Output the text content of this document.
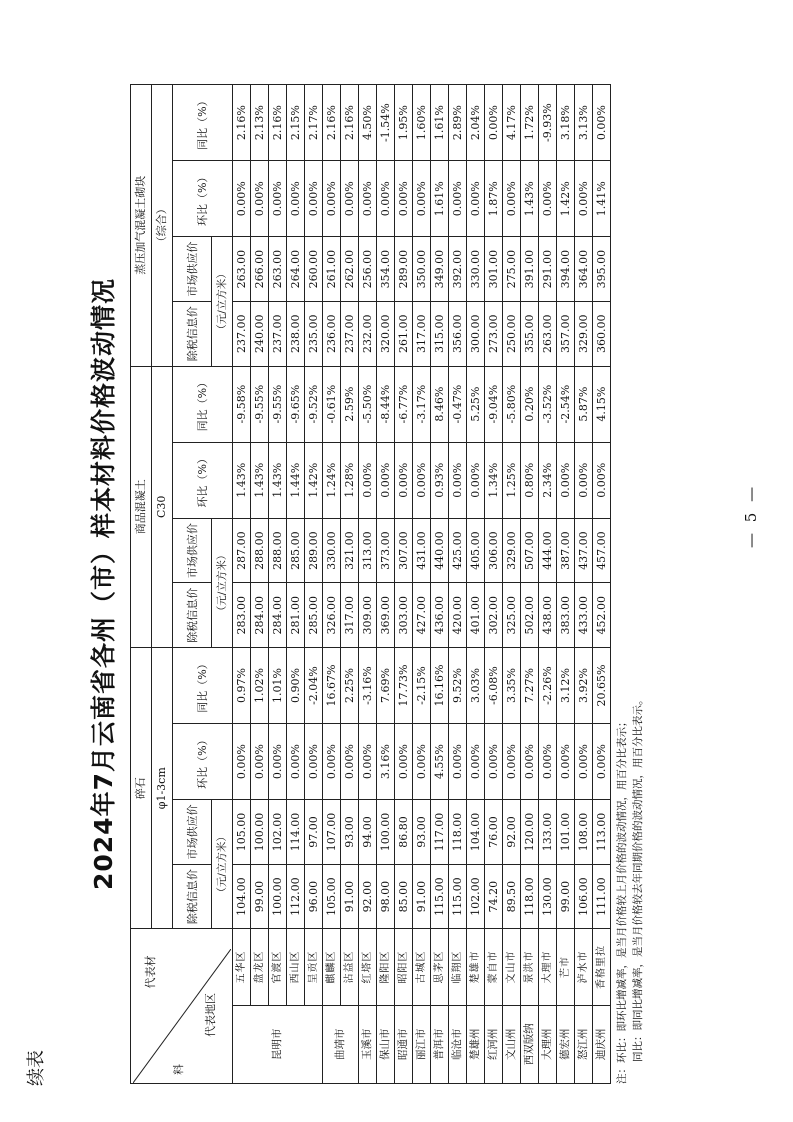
续表
— 5 —
2024年7月云南省各州（市）样本材料价格波动情况
代表材
料
代表地区		碎石				商品混凝土				蒸压加气混凝土砌块			
		φ1-3cm				C30				（综合）			
		除税信息价	市场供应价	环比（%）	同比（%）	除税信息价	市场供应价	环比（%）	同比（%）	除税信息价	市场供应价	环比（%）	同比（%）
		（元/立方米）				（元/立方米）				（元/立方米）			
昆明市	五华区	104.00	105.00	0.00%	0.97%	283.00	287.00	1.43%	-9.58%	237.00	263.00	0.00%	2.16%
	盘龙区	99.00	100.00	0.00%	1.02%	284.00	288.00	1.43%	-9.55%	240.00	266.00	0.00%	2.13%
	官渡区	100.00	102.00	0.00%	1.01%	284.00	288.00	1.43%	-9.55%	237.00	263.00	0.00%	2.16%
	西山区	112.00	114.00	0.00%	0.90%	281.00	285.00	1.44%	-9.65%	238.00	264.00	0.00%	2.15%
	呈贡区	96.00	97.00	0.00%	-2.04%	285.00	289.00	1.42%	-9.52%	235.00	260.00	0.00%	2.17%
曲靖市	麒麟区	105.00	107.00	0.00%	16.67%	326.00	330.00	1.24%	-0.61%	236.00	261.00	0.00%	2.16%
	沾益区	91.00	93.00	0.00%	2.25%	317.00	321.00	1.28%	2.59%	237.00	262.00	0.00%	2.16%
玉溪市	红塔区	92.00	94.00	0.00%	-3.16%	309.00	313.00	0.00%	-5.50%	232.00	256.00	0.00%	4.50%
保山市	隆阳区	98.00	100.00	3.16%	7.69%	369.00	373.00	0.00%	-8.44%	320.00	354.00	0.00%	-1.54%
昭通市	昭阳区	85.00	86.80	0.00%	17.73%	303.00	307.00	0.00%	-6.77%	261.00	289.00	0.00%	1.95%
丽江市	古城区	91.00	93.00	0.00%	-2.15%	427.00	431.00	0.00%	-3.17%	317.00	350.00	0.00%	1.60%
普洱市	思茅区	115.00	117.00	4.55%	16.16%	436.00	440.00	0.93%	8.46%	315.00	349.00	1.61%	1.61%
临沧市	临翔区	115.00	118.00	0.00%	9.52%	420.00	425.00	0.00%	-0.47%	356.00	392.00	0.00%	2.89%
楚雄州	楚雄市	102.00	104.00	0.00%	3.03%	401.00	405.00	0.00%	5.25%	300.00	330.00	0.00%	2.04%
红河州	蒙自市	74.20	76.00	0.00%	-6.08%	302.00	306.00	1.34%	-9.04%	273.00	301.00	1.87%	0.00%
文山州	文山市	89.50	92.00	0.00%	3.35%	325.00	329.00	1.25%	-5.80%	250.00	275.00	0.00%	4.17%
西双版纳	景洪市	118.00	120.00	0.00%	7.27%	502.00	507.00	0.80%	0.20%	355.00	391.00	1.43%	1.72%
大理州	大理市	130.00	133.00	0.00%	-2.26%	438.00	444.00	2.34%	-3.52%	263.00	291.00	0.00%	-9.93%
德宏州	芒市	99.00	101.00	0.00%	3.12%	383.00	387.00	0.00%	-2.54%	357.00	394.00	1.42%	3.18%
怒江州	泸水市	106.00	108.00	0.00%	3.92%	433.00	437.00	0.00%	5.87%	329.00	364.00	0.00%	3.13%
迪庆州	香格里拉	111.00	113.00	0.00%	20.65%	452.00	457.00	0.00%	4.15%	360.00	395.00	1.41%	0.00%
注：环比：即环比增减率，是当月价格较上月价格的波动情况，用百分比表示； 同比：即同比增减率，是当月价格较去年同期价格的波动情况，用百分比表示。
